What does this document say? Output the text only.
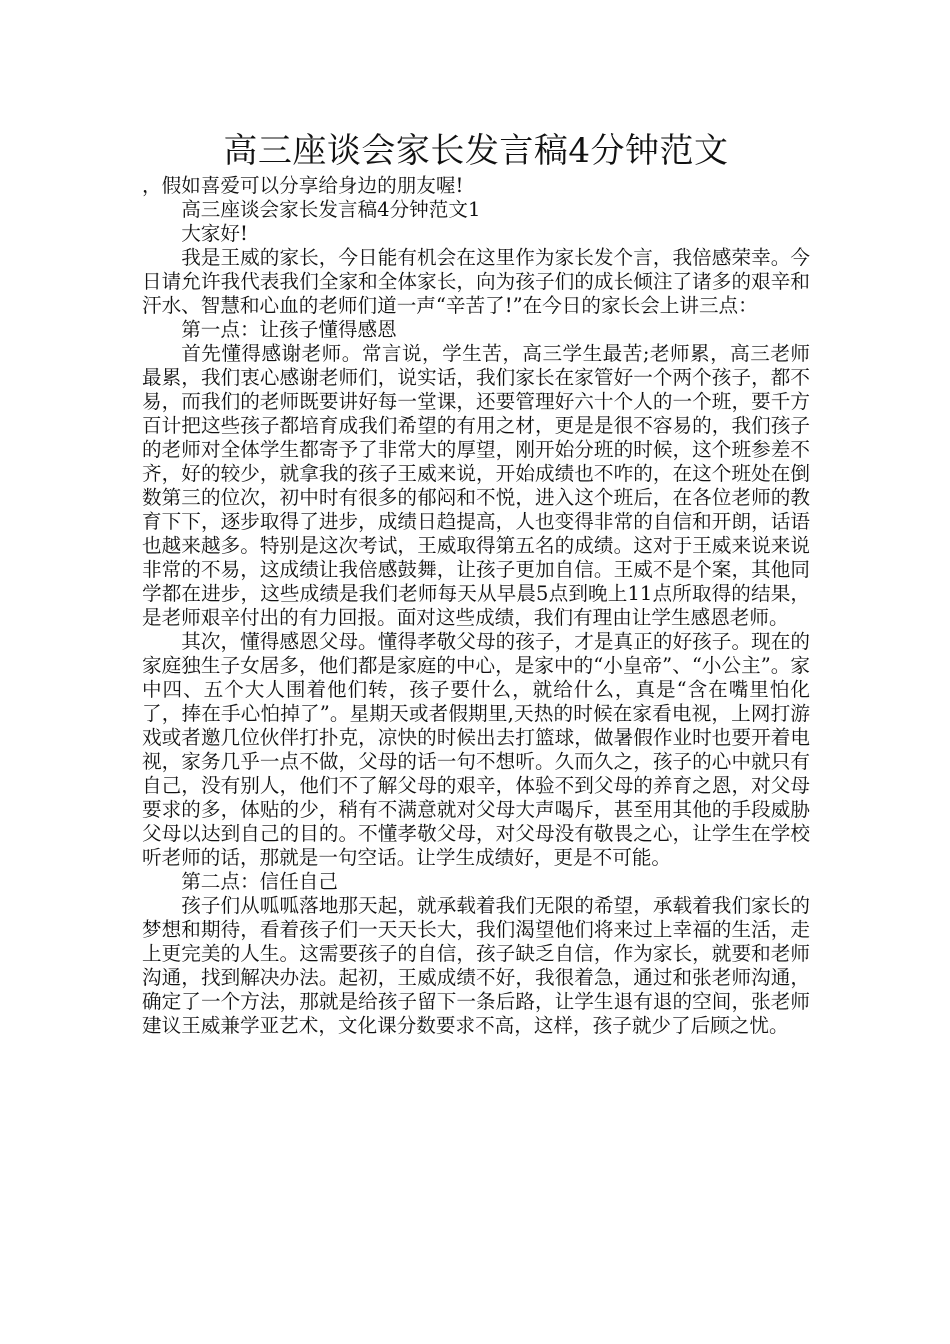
高三座谈会家长发言稿4分钟范文

，假如喜爱可以分享给身边的朋友喔!

高三座谈会家长发言稿4分钟范文1

大家好!

我是王威的家长，今日能有机会在这里作为家长发个言，我倍感荣幸。今日请允许我代表我们全家和全体家长，向为孩子们的成长倾注了诸多的艰辛和汗水、智慧和心血的老师们道一声“辛苦了!”在今日的家长会上讲三点：

第一点：让孩子懂得感恩

首先懂得感谢老师。常言说，学生苦，高三学生最苦;老师累，高三老师最累，我们衷心感谢老师们，说实话，我们家长在家管好一个两个孩子，都不易，而我们的老师既要讲好每一堂课，还要管理好六十个人的一个班，要千方百计把这些孩子都培育成我们希望的有用之材，更是是很不容易的，我们孩子的老师对全体学生都寄予了非常大的厚望，刚开始分班的时候，这个班参差不齐，好的较少，就拿我的孩子王威来说，开始成绩也不咋的，在这个班处在倒数第三的位次，初中时有很多的郁闷和不悦，进入这个班后，在各位老师的教育下下，逐步取得了进步，成绩日趋提高，人也变得非常的自信和开朗，话语也越来越多。特别是这次考试，王威取得第五名的成绩。这对于王威来说来说非常的不易，这成绩让我倍感鼓舞，让孩子更加自信。王威不是个案，其他同学都在进步，这些成绩是我们老师每天从早晨5点到晚上11点所取得的结果，是老师艰辛付出的有力回报。面对这些成绩，我们有理由让学生感恩老师。

其次，懂得感恩父母。懂得孝敬父母的孩子，才是真正的好孩子。现在的家庭独生子女居多，他们都是家庭的中心，是家中的“小皇帝”、“小公主”。家中四、五个大人围着他们转，孩子要什么，就给什么，真是“含在嘴里怕化了，捧在手心怕掉了”。星期天或者假期里,天热的时候在家看电视，上网打游戏或者邀几位伙伴打扑克，凉快的时候出去打篮球，做暑假作业时也要开着电视，家务几乎一点不做，父母的话一句不想听。久而久之，孩子的心中就只有自己，没有别人，他们不了解父母的艰辛，体验不到父母的养育之恩，对父母要求的多，体贴的少，稍有不满意就对父母大声喝斥，甚至用其他的手段威胁父母以达到自己的目的。不懂孝敬父母，对父母没有敬畏之心，让学生在学校听老师的话，那就是一句空话。让学生成绩好，更是不可能。

第二点：信任自己

孩子们从呱呱落地那天起，就承载着我们无限的希望，承载着我们家长的梦想和期待，看着孩子们一天天长大，我们渴望他们将来过上幸福的生活，走上更完美的人生。这需要孩子的自信，孩子缺乏自信，作为家长，就要和老师沟通，找到解决办法。起初，王威成绩不好，我很着急，通过和张老师沟通，确定了一个方法，那就是给孩子留下一条后路，让学生退有退的空间，张老师建议王威兼学亚艺术，文化课分数要求不高，这样，孩子就少了后顾之忧。
